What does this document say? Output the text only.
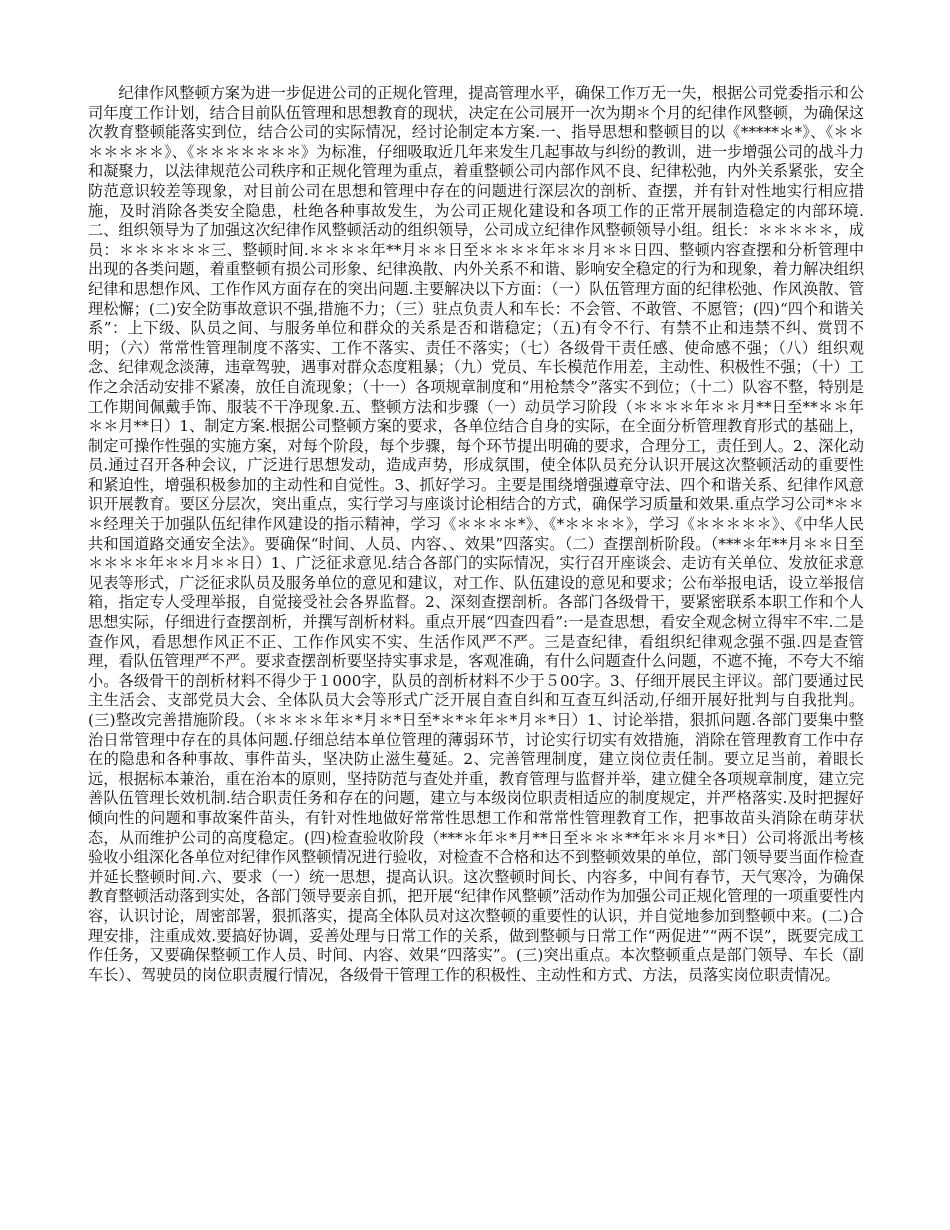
纪律作风整顿方案为进一步促进公司的正规化管理，提高管理水平，确保工作万无一失，根据公司党委指示和公司年度工作计划，结合目前队伍管理和思想教育的现状，决定在公司展开一次为期＊个月的纪律作风整顿，为确保这次教育整顿能落实到位，结合公司的实际情况，经讨论制定本方案.一、指导思想和整顿目的以《*****＊*》、《＊＊＊＊＊＊＊》、《＊＊＊＊＊＊＊》为标准，仔细吸取近几年来发生几起事故与纠纷的教训，进一步增强公司的战斗力和凝聚力，以法律规范公司秩序和正规化管理为重点，着重整顿公司内部作风不良、纪律松弛，内外关系紧张，安全防范意识较差等现象，对目前公司在思想和管理中存在的问题进行深层次的剖析、查摆，并有针对性地实行相应措施，及时消除各类安全隐患，杜绝各种事故发生，为公司正规化建设和各项工作的正常开展制造稳定的内部环境.二、组织领导为了加强这次纪律作风整顿活动的组织领导，公司成立纪律作风整顿领导小组。组长：＊＊＊＊＊，成员：＊＊＊＊＊＊三、整顿时间.＊＊＊＊年**月＊＊日至＊＊＊＊年＊＊月＊＊日四、整顿内容查摆和分析管理中出现的各类问题，着重整顿有损公司形象、纪律涣散、内外关系不和谐、影响安全稳定的行为和现象，着力解决组织纪律和思想作风、工作作风方面存在的突出问题.主要解决以下方面：（一）队伍管理方面的纪律松弛、作风涣散、管理松懈；(二)安全防事故意识不强,措施不力；（三）驻点负责人和车长：不会管、不敢管、不愿管；(四)“四个和谐关系”：上下级、队员之间、与服务单位和群众的关系是否和谐稳定；（五)有令不行、有禁不止和违禁不纠、赏罚不明；（六）常常性管理制度不落实、工作不落实、责任不落实；（七）各级骨干责任感、使命感不强；（八）组织观念、纪律观念淡薄，违章驾驶，遇事对群众态度粗暴；（九）党员、车长模范作用差，主动性、积极性不强；（十）工作之余活动安排不紧凑，放任自流现象；（十一）各项规章制度和“用枪禁令”落实不到位；（十二）队容不整，特别是工作期间佩戴手饰、服装不干净现象.五、整顿方法和步骤（一）动员学习阶段（＊＊＊＊年＊＊月**日至**＊＊年＊＊月**日）1、制定方案.根据公司整顿方案的要求，各单位结合自身的实际，在全面分析管理教育形式的基础上，制定可操作性强的实施方案，对每个阶段，每个步骤，每个环节提出明确的要求，合理分工，责任到人。2、深化动员.通过召开各种会议，广泛进行思想发动，造成声势，形成氛围，使全体队员充分认识开展这次整顿活动的重要性和紧迫性，增强积极参加的主动性和自觉性。3、抓好学习。主要是围绕增强遵章守法、四个和谐关系、纪律作风意识开展教育。要区分层次，突出重点，实行学习与座谈讨论相结合的方式，确保学习质量和效果.重点学习公司*＊＊＊经理关于加强队伍纪律作风建设的指示精神，学习《＊＊＊＊*》、《*＊＊＊＊》，学习《＊＊＊＊＊》、《中华人民共和国道路交通安全法》。要确保“时间、人员、内容、、效果”四落实。（二）查摆剖析阶段。（***＊年**月＊＊日至＊＊＊＊年＊＊月＊＊日）1、广泛征求意见.结合各部门的实际情况，实行召开座谈会、走访有关单位、发放征求意见表等形式，广泛征求队员及服务单位的意见和建议，对工作、队伍建设的意见和要求；公布举报电话，设立举报信箱，指定专人受理举报，自觉接受社会各界监督。2、深刻查摆剖析。各部门各级骨干，要紧密联系本职工作和个人思想实际，仔细进行查摆剖析，并撰写剖析材料。重点开展“四查四看”:一是查思想，看安全观念树立得牢不牢.二是查作风，看思想作风正不正、工作作风实不实、生活作风严不严。三是查纪律，看组织纪律观念强不强.四是查管理，看队伍管理严不严。要求查摆剖析要坚持实事求是，客观准确，有什么问题查什么问题，不遮不掩，不夸大不缩小。各级骨干的剖析材料不得少于１000字，队员的剖析材料不少于５00字。3、仔细开展民主评议。部门要通过民主生活会、支部党员大会、全体队员大会等形式广泛开展自查自纠和互查互纠活动,仔细开展好批判与自我批判。(三)整改完善措施阶段。（＊＊＊＊年＊*月＊*日至*＊*＊年＊*月＊*日）1、讨论举措，狠抓问题.各部门要集中整治日常管理中存在的具体问题.仔细总结本单位管理的薄弱环节，讨论实行切实有效措施，消除在管理教育工作中存在的隐患和各种事故、事件苗头，坚决防止滋生蔓延。2、完善管理制度，建立岗位责任制。要立足当前，着眼长远，根据标本兼治，重在治本的原则，坚持防范与查处并重，教育管理与监督并举，建立健全各项规章制度，建立完善队伍管理长效机制.结合职责任务和存在的问题，建立与本级岗位职责相适应的制度规定，并严格落实.及时把握好倾向性的问题和事故案件苗头，有针对性地做好常常性思想工作和常常性管理教育工作，把事故苗头消除在萌芽状态，从而维护公司的高度稳定。(四)检查验收阶段（***＊年＊*月**日至＊＊＊**年＊＊月＊*日）公司将派出考核验收小组深化各单位对纪律作风整顿情况进行验收，对检查不合格和达不到整顿效果的单位，部门领导要当面作检查并延长整顿时间.六、要求（一）统一思想，提高认识。这次整顿时间长、内容多，中间有春节，天气寒冷，为确保教育整顿活动落到实处，各部门领导要亲自抓，把开展“纪律作风整顿”活动作为加强公司正规化管理的一项重要性内容，认识讨论，周密部署，狠抓落实，提高全体队员对这次整顿的重要性的认识，并自觉地参加到整顿中来。(二)合理安排，注重成效.要搞好协调，妥善处理与日常工作的关系，做到整顿与日常工作“两促进”“两不误”，既要完成工作任务，又要确保整顿工作人员、时间、内容、效果“四落实”。(三)突出重点。本次整顿重点是部门领导、车长（副车长）、驾驶员的岗位职责履行情况，各级骨干管理工作的积极性、主动性和方式、方法，员落实岗位职责情况。
